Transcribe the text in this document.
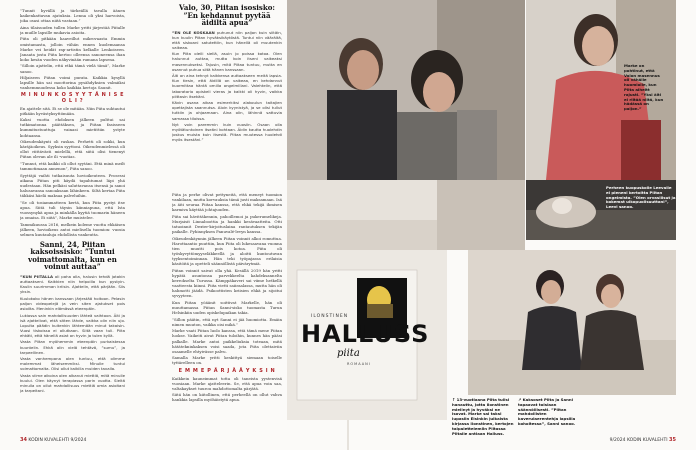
”Tunnit hyvällä ja tärkeällä tavalla äänen kaikenkattavan ajatuksia. Lenna oli yksi harvoista, joka osasi ottaa niitä vastaan.”

Aina tilaisuuden tullen Marke yritti järjestää Piitalle ja muille lapsille mukavia asioita.

Piita oli pitkään haaveillut mikrovaasta Emmin omistamasta, jolloin vähän ennen kuolemaansa Marke vei heidät rap-artistin kelkalle Lenkoiseen. Janaata josta Piita kertoo olleensa sanoneensa ihan koko kesän vuoden näkyvinään rumana lapsena.

”Silloin ajattelin, että etkä tämä vielä tämä”, Marke sanoo.

Hiljaiseen Piitan voimi purata. Kaikkia kysyllä lapsille hän sai moottorina pysähdyksien valmiiksi vanhemmuudessa koko kaikkia kertoja Saunit.

M I N U N K O S Y Y T Ä N I S E O L I ?

En ajattele sitä. Ei se ole mitään. Niin Piita suhtautui pitkään hyvästyksyttömään.

Kaksi vuotta ehdoksen jälkeen pulttui sai tutkimatonna päättäksen, ja Piitan fasisseen kummitustuuttuja vainasi mietittiin ystyte kohtaansa.

Oikeudenkäynti oli raskas. Perhetti oli sokki, kun käräjäoikeus. Syyksin syyttoni. Oikeudenmielessä oli ollut riittävästi mielellä, että siitä olisi tienenyt Piitan olevan ale ili -vuotias.

”Tunnut, että kaikki oli ollut syytäni. Että minä meilt tammotimaan annenon”, Piita sanoo.

Syyttäjä vaihti tutkaisuuta hovioikeuteen. Prosessi aikana Piitan piti käydä tapahtumat läpi yhä uudestaan. Hän pelkäsi saluttavansa itsensä ja sanoi halusavansa sanoaksaan lähinkeen. Siltä kertaa Piita tähkäsi häelä maksaa palveluihin.

”Se oli tosiammatteen kertä, kun Piita pystyi itse apua. Siitä tuli täysin kiinniapuna, että Ista vuossynykä apua ja minkälla kyytiä tuomarin häneen ja omaisa. Ei siitä”, Marke muistelee.

Tammikuussa 2016, melkein koleme vuotta ehkäisen jälkeen, hovioikeus antoi mielisella tuomion: vuosia selmen kuutauluja ehdollista vankeutta.

Sanni, 24, Piitan kaksoissisko: ”Tuntui voimattomalta, kun en voinut auttaa”

”KUN PIITALLA oli paha olla, halusin tehdä jotakin auttaakseni. Kaikkien niin helpoilla kun pystyin. Kaulin suurimman kriisin. Ajattelin, että pärjään. Siis yksin.

Kuulokoko hänen kanssaan järjestää hoitoon. Pelasin paljon videopelejä ja vein siten ajatukset pois asioilta. Meninkin elämässä eteenpäin.

Lukiossa sain mahdollisuuden lähteä vaihtoon. Äiti ja isä ajattelivat, että sitten lähde, vaikka olin niin ujo. Lopulta päädin kuitenkin lähtemään minut takaisin. Vuosi tiskoissa ei ollutkaan. Siitä vaan tuli. Piita ehkäti, että hänellä asiat on hyvin ja tulen kyllä.

Vasta Piitan myöhemmin eteenpäin purkaistessa kuuntelin. Ehkä olin vielä tehtävä, ”sumu”, ja tarpeellinen.

Vasta vanhempana olen tuntuu, että olimme molemmat läheisemmiksi. Minulle tuntui voimattomalta. Olisi ollut kaikilla muiden tavalla.

Vasta viime aikoina olen alkanut miettiä, mitä minulle kuului. Olen käynyt terapiassa parin vuotta. Sieltä minulla on ollut mahdollisuus miettiä omia asioitani ja tarpeitani.

Valo, 30, Piitan isosisko: ”En kehdannut pyytää äidiltä apua”

”EN OLE KOSKAAN puhunut niin paljon kuin siitäin, kun kuulin Piitan hyväksikäytöstä. Tuntui niin väärältä, että siskoani satutettiin, kun hänellä oli muutenkin vaikeaa.

Kun Piita oleili siellä, asuin jo poissa kotoa. Olen halunnut auttaa, mutta koin itseni vaikeaksi masennukseksi. Tajusin, mitä Piitaa tuntuu, mutta en osannut puhua siitä hänen kanssaan.

Äiti on aina tehnyt kaikkensa auttaakseen meitä lapsia. Kun tiesin, että äidillä on vaikeaa, en kehdannut kuormittaa häntä omilla ongelmillani. Valehtelin, että laboratorio opiskeli vieras ja kaikki oli hyvin, vaikka piittasin itsekäni.

Kävin osana aikaa esimerkiksi alakoulun taitajien opettajista saannutsa. Aloin kyynistyä, ja se olisi tullut tutkiin ja ohjaamaan. Aina olin, lähinnä sattuvia samassa tiloissa.

Nyt voin paremmin kuin vuosiin. Osaan olla myötätuntoinen itseäni kohtaan. Äidin kautta huolehdin joskus muista kuin itsestä. Piitaa muutessa huolehdi myös itsestäni.”

Piita ja perhe olivat pettyneitä, että meneyt tuomion vankilaan, mutta korvauksia tämä justi maksamaan. Isä ja äiti seuraa Piitaa kanssa, että ehkä tekijä ihmisen karmiva käyttää johtajuuden.

Piita sai hävittäkennin, pahoillemoi ja pukerumelikeja. Murjaisit Linnaboottia ja hankki kesävaatteita. Otti tatuoinnit Dexter-kirjoituslaina rantautuksen tekijän paikalle. Pyhinnyksen Panuvalé-levyn kanssa.

Oikeudenkäynnin jälkeen Piitan voinnit alkoi romuttua. Harottaantio puuttiin, kun Piita oli lukesaavana vuonna tien muutti pois kotoa. Piita oli työskyvyttömyyseläkkeellä ja aloitti kuntoutuvan tyyksentoiminnan. Hän teki työpajassa erilaisia käsitöitä ja opetteli säännöllistä päivärytmiä.

Piitan voinnit saivat olla yhä. Kesällä 2019 hän yritti hypätä asuntonsa parvekkeelta kahdeksannelta kerrokselta Turussa. Kämppäkaveri sai viime hetkellä vaatteesta kiinni. Piita vietti saiiraalassa, mutta hän oli hahmotti jäädä. Psikoottisten kriisien ehkä ja sijoitui syvyyteen.

Kun Piitan yöäänit soittivat Markelle, hän oli muuttamassa Piitan Sanni-sisko tuomasta Turun Helsinkiin uuden opiskelupaikan takia.

”Sillon päätin, että nyt Sanni ei jää huomiotta. Emäin nimen muuton, vaikka oisi mikä.”

Marke vaati Piitan luolo kanssa, että tämä mene Piitan luokse. Vaikeiti aivat Piitan tuloihin, kunnes hän pääsi palkalle. Marke antoi paikkeliuksia toteaan, mitä hätätekninkaksen voisi saada, jota Piita olettaiviin osaamelle ehtyivässe palvu.

Samalla Marke yritti keskittyä siemaan toiselle tyttärelleen on.

E M M E P Ä R J Ä Ä Y K S I N

Kaikkein kauneimmat totta oli taneista yystenvisä vuosiaan. Marke ajatteleerin. Se, että apua voin saa, valtakaykset tuurou mahdottomalta pärjätä.

Siitä hän on kiitollinen, että perheellä on ollut vahva hankkia lapsilla myöhäistytä apua.

34 KODIN KUVALEHTI 9/2024
Marke on pohtinut, että Valon masennus oli vähälle huomiolle, kun Piita aiheitt rajusti. ”Yksi äiti ei riitää niitä, kun hädässä on paljon.”
Perheen kuopuskolle Leevalle ei pieneni kertoitta Piitan ongelmista. ”Olen orvasilisut ja kokemat ulkopuolisuuttani”, Leevi sanoo.
ILONSTINEN
HALLUSS
piita
ROMAANI
↑ 13-vuotiaana Piita tulisi hanauttu, jotta Ilonstinen mielinyt ja hyväksi ne isovat. Marke sai taksi lupasiin Elsinkin julkaista kirjassa Ilonstinen, kertojen taipalettelemiin Piitassa Piitalle antiaan Halluss.
↗ Kaksoset Piita ja Sanni tapaavat toisiaan säännöllisesti. ”Piitan mahdollisten kaverulaerentehja lapsilla kohoitessa”, Sanni sanoo.
9/2024 KODIN KUVALEHTI 35
